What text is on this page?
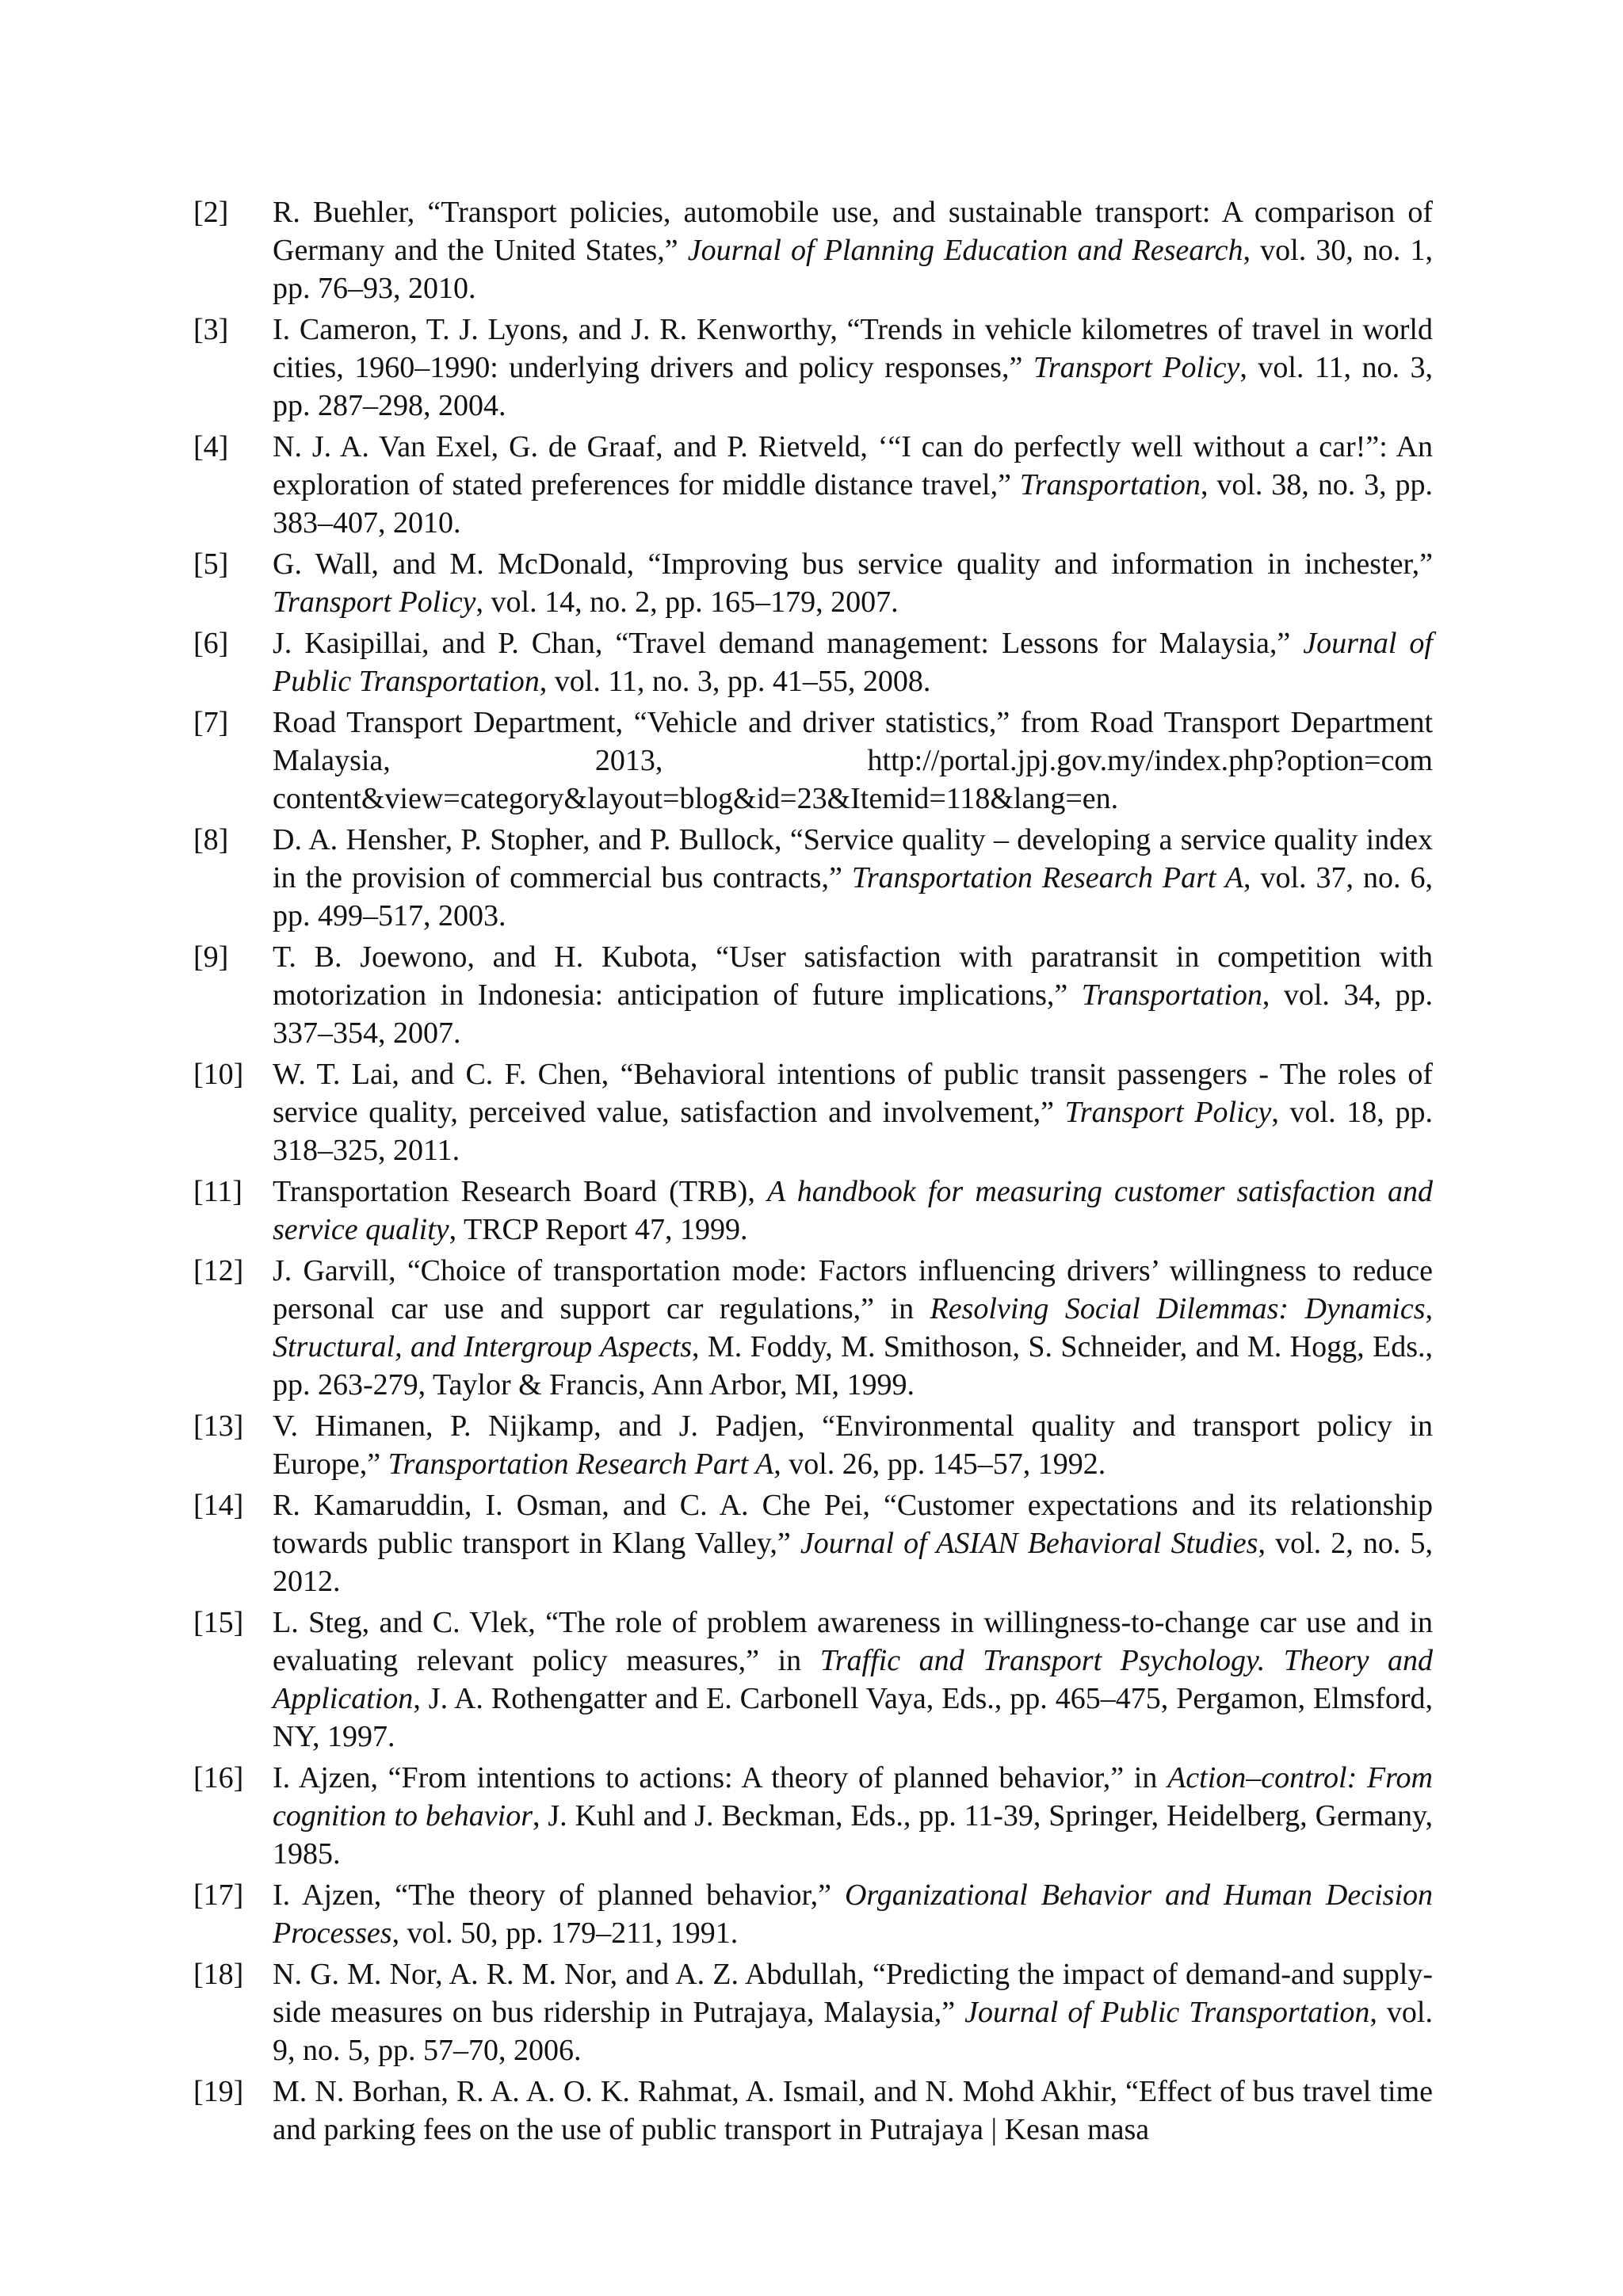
[2]	R. Buehler, “Transport policies, automobile use, and sustainable transport: A comparison of Germany and the United States,” Journal of Planning Education and Research, vol. 30, no. 1, pp. 76–93, 2010.
[3]	I. Cameron, T. J. Lyons, and J. R. Kenworthy, “Trends in vehicle kilometres of travel in world cities, 1960–1990: underlying drivers and policy responses,” Transport Policy, vol. 11, no. 3, pp. 287–298, 2004.
[4]	N. J. A. Van Exel, G. de Graaf, and P. Rietveld, ‘“I can do perfectly well without a car!”: An exploration of stated preferences for middle distance travel,” Transportation, vol. 38, no. 3, pp. 383–407, 2010.
[5]	G. Wall, and M. McDonald, “Improving bus service quality and information in inchester,” Transport Policy, vol. 14, no. 2, pp. 165–179, 2007.
[6]	J. Kasipillai, and P. Chan, “Travel demand management: Lessons for Malaysia,” Journal of Public Transportation, vol. 11, no. 3, pp. 41–55, 2008.
[7]	Road Transport Department, “Vehicle and driver statistics,” from Road Transport Department Malaysia, 2013, http://portal.jpj.gov.my/index.php?option=com content&view=category&layout=blog&id=23&Itemid=118&lang=en.
[8]	D. A. Hensher, P. Stopher, and P. Bullock, “Service quality – developing a service quality index in the provision of commercial bus contracts,” Transportation Research Part A, vol. 37, no. 6, pp. 499–517, 2003.
[9]	T. B. Joewono, and H. Kubota, “User satisfaction with paratransit in competition with motorization in Indonesia: anticipation of future implications,” Transportation, vol. 34, pp. 337–354, 2007.
[10] W. T. Lai, and C. F. Chen, “Behavioral intentions of public transit passengers - The roles of service quality, perceived value, satisfaction and involvement,” Transport Policy, vol. 18, pp. 318–325, 2011.
[11]	Transportation Research Board (TRB), A handbook for measuring customer satisfaction and service quality, TRCP Report 47, 1999.
[12] J. Garvill, “Choice of transportation mode: Factors influencing drivers’ willingness to reduce personal car use and support car regulations,” in Resolving Social Dilemmas: Dynamics, Structural, and Intergroup Aspects, M. Foddy, M. Smithoson, S. Schneider, and M. Hogg, Eds., pp. 263-279, Taylor & Francis, Ann Arbor, MI, 1999.
[13] V. Himanen, P. Nijkamp, and J. Padjen, “Environmental quality and transport policy in Europe,” Transportation Research Part A, vol. 26, pp. 145–57, 1992.
[14] R. Kamaruddin, I. Osman, and C. A. Che Pei, “Customer expectations and its relationship towards public transport in Klang Valley,” Journal of ASIAN Behavioral Studies, vol. 2, no. 5, 2012.
[15] L. Steg, and C. Vlek, “The role of problem awareness in willingness-to-change car use and in evaluating relevant policy measures,” in Traffic and Transport Psychology. Theory and Application, J. A. Rothengatter and E. Carbonell Vaya, Eds., pp. 465–475, Pergamon, Elmsford, NY, 1997.
[16] I. Ajzen, “From intentions to actions: A theory of planned behavior,” in Action–control: From cognition to behavior, J. Kuhl and J. Beckman, Eds., pp. 11-39, Springer, Heidelberg, Germany, 1985.
[17] I. Ajzen, “The theory of planned behavior,” Organizational Behavior and Human Decision Processes, vol. 50, pp. 179–211, 1991.
[18] N. G. M. Nor, A. R. M. Nor, and A. Z. Abdullah, “Predicting the impact of demand-and supply-side measures on bus ridership in Putrajaya, Malaysia,” Journal of Public Transportation, vol. 9, no. 5, pp. 57–70, 2006.
[19] M. N. Borhan, R. A. A. O. K. Rahmat, A. Ismail, and N. Mohd Akhir, “Effect of bus travel time and parking fees on the use of public transport in Putrajaya | Kesan masa
